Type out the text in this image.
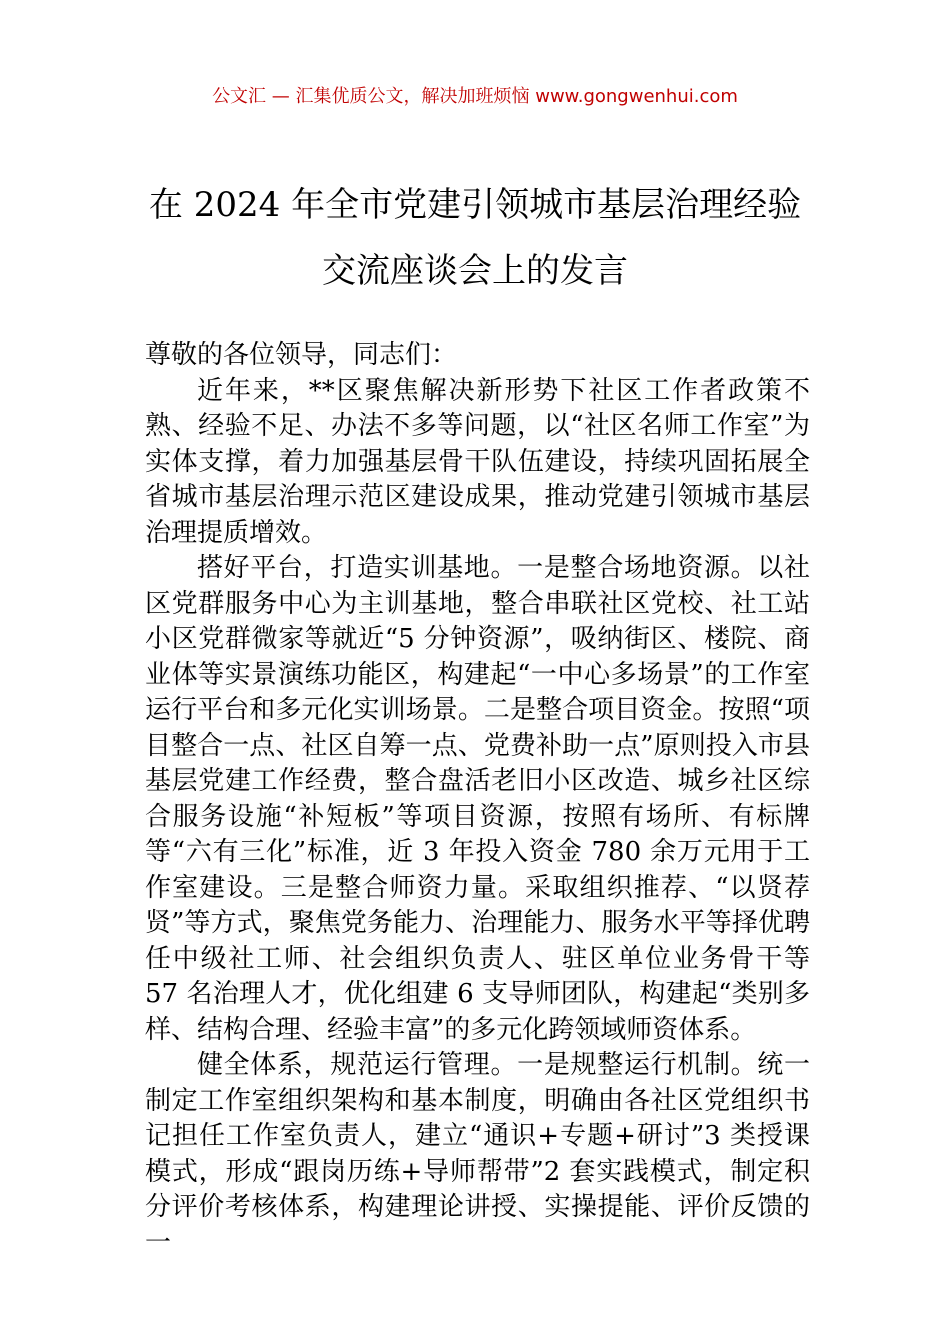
公文汇 — 汇集优质公文，解决加班烦恼 www.gongwenhui.com
在 2024 年全市党建引领城市基层治理经验
交流座谈会上的发言

尊敬的各位领导，同志们：

近年来，**区聚焦解决新形势下社区工作者政策不熟、经验不足、办法不多等问题，以“社区名师工作室”为实体支撑，着力加强基层骨干队伍建设，持续巩固拓展全省城市基层治理示范区建设成果，推动党建引领城市基层治理提质增效。

搭好平台，打造实训基地。一是整合场地资源。以社区党群服务中心为主训基地，整合串联社区党校、社工站小区党群微家等就近“5 分钟资源”，吸纳街区、楼院、商业体等实景演练功能区，构建起“一中心多场景”的工作室运行平台和多元化实训场景。二是整合项目资金。按照“项目整合一点、社区自筹一点、党费补助一点”原则投入市县基层党建工作经费，整合盘活老旧小区改造、城乡社区综合服务设施“补短板”等项目资源，按照有场所、有标牌等“六有三化”标准，近 3 年投入资金 780 余万元用于工作室建设。三是整合师资力量。采取组织推荐、“以贤荐贤”等方式，聚焦党务能力、治理能力、服务水平等择优聘任中级社工师、社会组织负责人、驻区单位业务骨干等 57 名治理人才，优化组建 6 支导师团队，构建起“类别多样、结构合理、经验丰富”的多元化跨领域师资体系。

健全体系，规范运行管理。一是规整运行机制。统一制定工作室组织架构和基本制度，明确由各社区党组织书记担任工作室负责人，建立“通识+专题+研讨”3 类授课模式，形成“跟岗历练+导师帮带”2 套实践模式，制定积分评价考核体系，构建理论讲授、实操提能、评价反馈的一
